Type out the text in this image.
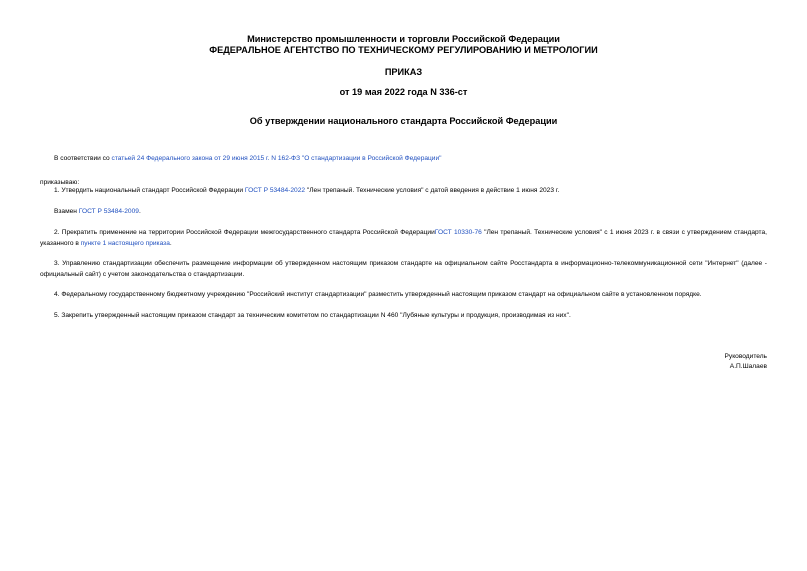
Министерство промышленности и торговли Российской Федерации
ФЕДЕРАЛЬНОЕ АГЕНТСТВО ПО ТЕХНИЧЕСКОМУ РЕГУЛИРОВАНИЮ И МЕТРОЛОГИИ
ПРИКАЗ
от 19 мая 2022 года N 336-ст
Об утверждении национального стандарта Российской Федерации
В соответствии со статьей 24 Федерального закона от 29 июня 2015 г. N 162-ФЗ "О стандартизации в Российской Федерации"
приказываю:
1. Утвердить национальный стандарт Российской Федерации ГОСТ Р 53484-2022 "Лен трепаный. Технические условия" с датой введения в действие 1 июня 2023 г.
Взамен ГОСТ Р 53484-2009.
2. Прекратить применение на территории Российской Федерации межгосударственного стандарта Российской ФедерацииГОСТ 10330-76 "Лен трепаный. Технические условия" с 1 июня 2023 г. в связи с утверждением стандарта, указанного в пункте 1 настоящего приказа.
3. Управлению стандартизации обеспечить размещение информации об утвержденном настоящим приказом стандарте на официальном сайте Росстандарта в информационно-телекоммуникационной сети "Интернет" (далее - официальный сайт) с учетом законодательства о стандартизации.
4. Федеральному государственному бюджетному учреждению "Российский институт стандартизации" разместить утвержденный настоящим приказом стандарт на официальном сайте в установленном порядке.
5. Закрепить утвержденный настоящим приказом стандарт за техническим комитетом по стандартизации N 460 "Лубяные культуры и продукция, производимая из них".
Руководитель
А.П.Шалаев
